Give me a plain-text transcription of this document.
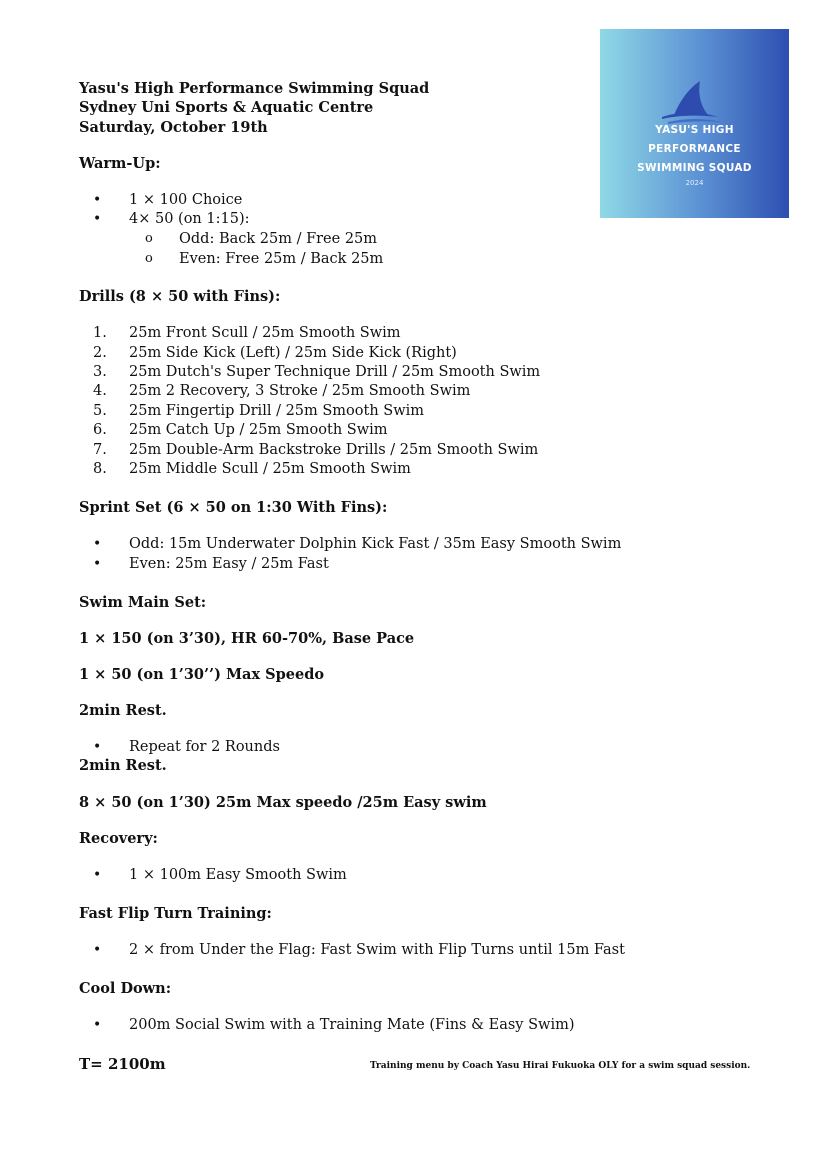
YASU'S HIGH
PERFORMANCE
SWIMMING SQUAD
2024
Yasu's High Performance Swimming Squad
Sydney Uni Sports & Aquatic Centre
Saturday, October 19th
Warm-Up:
• 1 × 100 Choice
• 4× 50 (on 1:15):
o Odd: Back 25m / Free 25m
o Even: Free 25m / Back 25m
Drills (8 × 50 with Fins):
1. 25m Front Scull / 25m Smooth Swim
2. 25m Side Kick (Left) / 25m Side Kick (Right)
3. 25m Dutch's Super Technique Drill / 25m Smooth Swim
4. 25m 2 Recovery, 3 Stroke / 25m Smooth Swim
5. 25m Fingertip Drill / 25m Smooth Swim
6. 25m Catch Up / 25m Smooth Swim
7. 25m Double-Arm Backstroke Drills / 25m Smooth Swim
8. 25m Middle Scull / 25m Smooth Swim
Sprint Set (6 × 50 on 1:30 With Fins):
• Odd: 15m Underwater Dolphin Kick Fast / 35m Easy Smooth Swim
• Even: 25m Easy / 25m Fast
Swim Main Set:
1 × 150 (on 3’30), HR 60-70%, Base Pace
1 × 50 (on 1’30’’) Max Speedo
2min Rest.
• Repeat for 2 Rounds
2min Rest.
8 × 50 (on 1’30) 25m Max speedo /25m Easy swim
Recovery:
• 1 × 100m Easy Smooth Swim
Fast Flip Turn Training:
• 2 × from Under the Flag: Fast Swim with Flip Turns until 15m Fast
Cool Down:
• 200m Social Swim with a Training Mate (Fins & Easy Swim)
T= 2100m	Training menu by Coach Yasu Hirai Fukuoka OLY for a swim squad session.
